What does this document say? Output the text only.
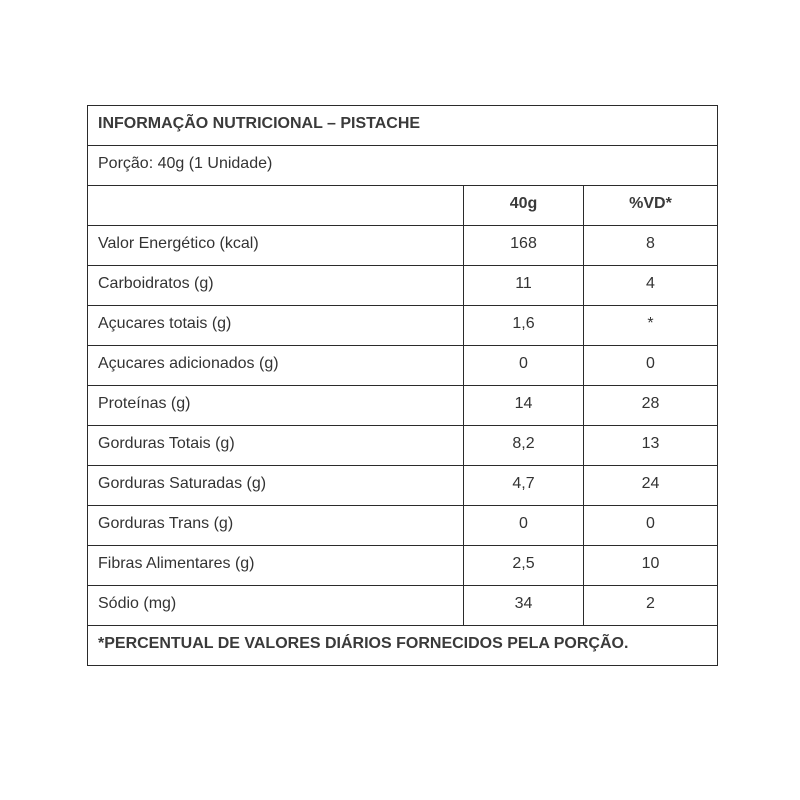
INFORMAÇÃO NUTRICIONAL – PISTACHE		
Porção: 40g (1 Unidade)		
	40g	%VD*
Valor Energético (kcal)	168	8
Carboidratos (g)	11	4
Açucares totais (g)	1,6	*
Açucares adicionados (g)	0	0
Proteínas (g)	14	28
Gorduras Totais (g)	8,2	13
Gorduras Saturadas (g)	4,7	24
Gorduras Trans (g)	0	0
Fibras Alimentares (g)	2,5	10
Sódio (mg)	34	2
*PERCENTUAL DE VALORES DIÁRIOS FORNECIDOS PELA PORÇÃO.		
